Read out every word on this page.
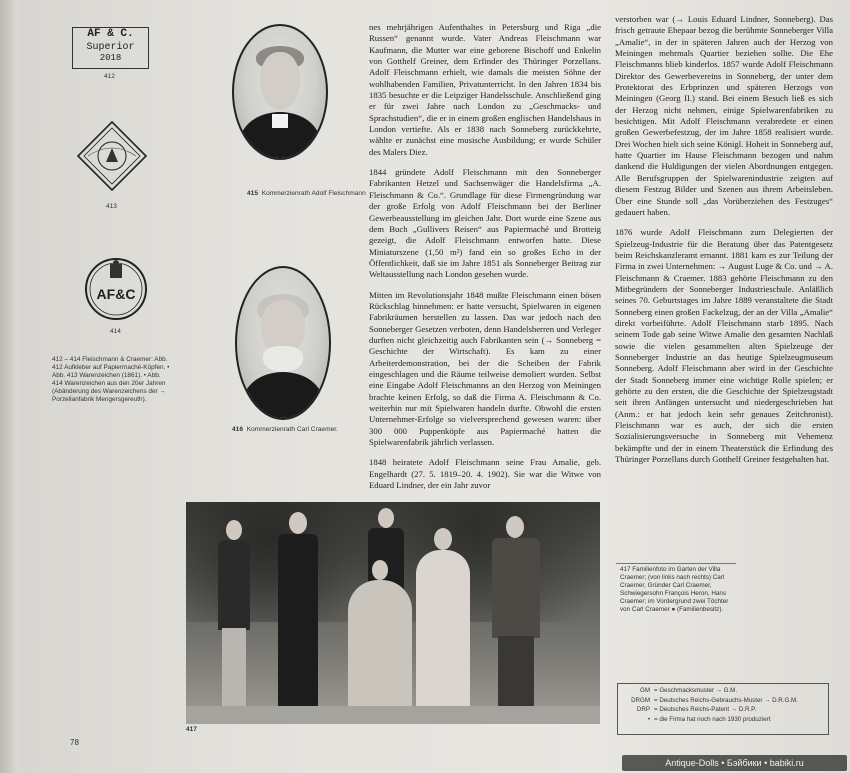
AF & C.
Superior
2018
412
413
AF&C
414
412 – 414 Fleischmann & Craemer: Abb. 412 Aufkleber auf Papiermaché-Köpfen. • Abb. 413 Warenzeichen (1861). • Abb. 414 Warenzeichen aus den 20er Jahren (Abänderung des Warenzeichens der → Porzellanfabrik Mengersgereuth).
415 Kommerzienrath Adolf Fleischmann
416 Kommerzienrath Carl Craemer.

nes mehrjährigen Aufenthaltes in Petersburg und Riga „die Russen“ genannt wurde. Vater Andreas Fleischmann war Kaufmann, die Mutter war eine geborene Bischoff und Enkelin von Gotthelf Greiner, dem Erfinder des Thüringer Porzellans. Adolf Fleischmann erhielt, wie damals die meisten Söhne der wohlhabenden Familien, Privatunterricht. In den Jahren 1834 bis 1835 besuchte er die Leipziger Handelsschule. Anschließend ging er für zwei Jahre nach London zu „Geschmacks- und Sprachstudien“, die er in einem großen englischen Handelshaus in London vertiefte. Als er 1838 nach Sonneberg zurückkehrte, wählte er zunächst eine musische Ausbildung; er wurde Schüler des Malers Diez.

1844 gründete Adolf Fleischmann mit den Sonneberger Fabrikanten Hetzel und Sachsenwäger die Handelsfirma „A. Fleischmann & Co.“. Grundlage für diese Firmengründung war der große Erfolg von Adolf Fleischmann bei der Berliner Gewerbeausstellung im gleichen Jahr. Dort wurde eine Szene aus dem Buch „Gullivers Reisen“ aus Papiermaché und Brotteig gezeigt, die Adolf Fleischmann entworfen hatte. Diese Miniaturszene (1,50 m²) fand ein so großes Echo in der Öffentlichkeit, daß sie im Jahre 1851 als Sonneberger Beitrag zur Weltausstellung nach London gesehen wurde.

Mitten im Revolutionsjahr 1848 mußte Fleischmann einen bösen Rückschlag hinnehmen: er hatte versucht, Spielwaren in eigenen Fabrikräumen herstellen zu lassen. Das war jedoch nach den Sonneberger Gesetzen verboten, denn Handelsherren und Verleger durften nicht gleichzeitig auch Fabrikanten sein (→ Sonneberg = Geschichte der Wirtschaft). Es kam zu einer Arbeiterdemonstration, bei der die Scheiben der Fabrik eingeschlagen und die Räume teilweise demoliert wurden. Selbst eine Eingabe Adolf Fleischmanns an den Herzog von Meiningen brachte keinen Erfolg, so daß die Firma A. Fleischmann & Co. weiterhin nur mit Spielwaren handeln durfte. Obwohl die ersten Unternehmer-Erfolge so vielversprechend gewesen waren: über 300 000 Puppenköpfe aus Papiermaché hatten die Spielwarenfabrik jährlich verlassen.

1848 heiratete Adolf Fleischmann seine Frau Amalie, geb. Engelhardt (27. 5. 1819–20. 4. 1902). Sie war die Witwe von Eduard Lindner, der ein Jahr zuvor

verstorben war (→ Louis Eduard Lindner, Sonneberg). Das frisch getraute Ehepaar bezog die berühmte Sonneberger Villa „Amalie“, in der in späteren Jahren auch der Herzog von Meiningen mehrmals Quartier beziehen sollte. Die Ehe Fleischmanns blieb kinderlos. 1857 wurde Adolf Fleischmann Direktor des Gewerbevereins in Sonneberg, der unter dem Protektorat des Erbprinzen und späteren Herzogs von Meiningen (Georg II.) stand. Bei einem Besuch ließ es sich der Herzog nicht nehmen, einige Spielwarenfabriken zu besichtigen. Mit Adolf Fleischmann verabredete er einen großen Gewerbefestzug, der im Jahre 1858 realisiert wurde. Drei Wochen hielt sich seine Königl. Hoheit in Sonneberg auf, hatte Quartier im Hause Fleischmann bezogen und nahm dankend die Huldigungen der vielen Abordnungen entgegen. Alle Berufsgruppen der Spielwarenindustrie zeigten auf diesem Festzug Bilder und Szenen aus ihrem Arbeitsleben. Über eine Stunde soll „das Vorüberziehen des Festzuges“ gedauert haben.

1876 wurde Adolf Fleischmann zum Delegierten der Spielzeug-Industrie für die Beratung über das Patentgesetz beim Reichskanzleramt ernannt. 1881 kam es zur Teilung der Firma in zwei Unternehmen: → August Luge & Co. und → A. Fleischmann & Craemer. 1883 gehörte Fleischmann zu den Mitbegründern der Sonneberger Industrieschule. Anläßlich seines 70. Geburtstages im Jahre 1889 veranstaltete die Stadt Sonneberg einen großen Fackelzug, der an der Villa „Amalie“ direkt vorbeiführte. Adolf Fleischmann starb 1895. Nach seinem Tode gab seine Witwe Amalie den gesamten Nachlaß sowie die vielen gesammelten alten Spielzeuge der Sonneberger Industrie an das heutige Spielzeugmuseum Sonneberg. Adolf Fleischmann aber wird in der Geschichte der Stadt Sonneberg immer eine wichtige Rolle spielen; er gehörte zu den ersten, die die Geschichte der Spielzeugstadt seit ihren Anfängen untersucht und niedergeschrieben hat (Anm.: er hat jedoch kein sehr genaues Zeitchronist). Fleischmann war es auch, der sich die ersten Sozialisierungsversuche in Sonneberg mit Vehemenz bekämpfte und der in einem Theaterstück die Erfindung des Thüringer Porzellans durch Gotthelf Greiner festgehalten hat.

417
417 Familienfoto im Garten der Villa Craemer; (von links nach rechts) Carl Craemer, Gründer Carl Craemer, Schwiegersohn François Heron, Hans Craemer; im Vordergrund zwei Töchter von Carl Craemer ● (Familienbesitz).
GM = Geschmacksmuster → G.M.
DRGM = Deutsches Reichs-Gebrauchs-Muster → D.R.G.M.
DRP = Deutsches Reichs-Patent → D.R.P.
• = die Firma hat noch nach 1930 produziert
78
Antique-Dolls • Бэйбики • babiki.ru
